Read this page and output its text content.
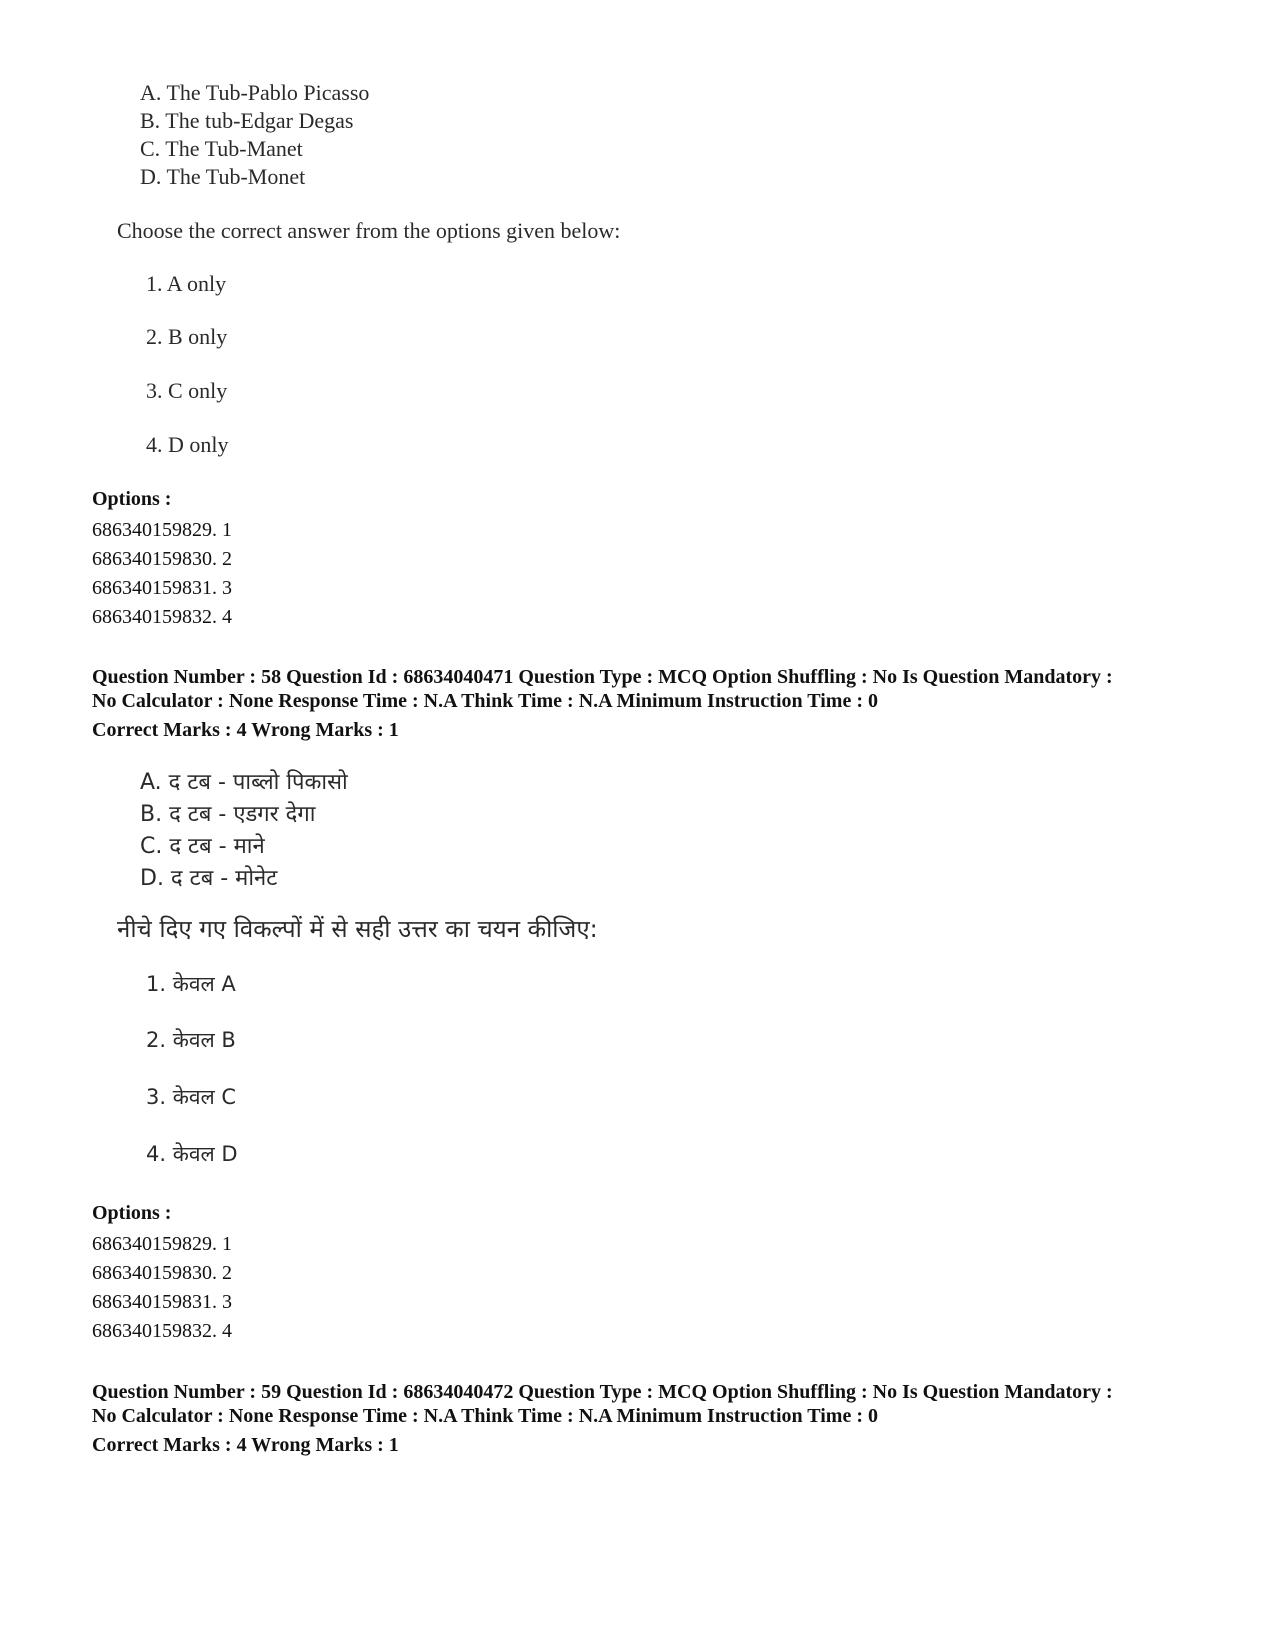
A. The Tub-Pablo Picasso
B. The tub-Edgar Degas
C. The Tub-Manet
D. The Tub-Monet
Choose the correct answer from the options given below:
1. A only
2. B only
3. C only
4. D only
Options :
686340159829. 1
686340159830. 2
686340159831. 3
686340159832. 4
Question Number : 58 Question Id : 68634040471 Question Type : MCQ Option Shuffling : No Is Question Mandatory :
No Calculator : None Response Time : N.A Think Time : N.A Minimum Instruction Time : 0
Correct Marks : 4 Wrong Marks : 1
A. द टब - पाब्लो पिकासो
B. द टब - एडगर देगा
C. द टब - माने
D. द टब - मोनेट
नीचे दिए गए विकल्पों में से सही उत्तर का चयन कीजिए:
1. केवल A
2. केवल B
3. केवल C
4. केवल D
Options :
686340159829. 1
686340159830. 2
686340159831. 3
686340159832. 4
Question Number : 59 Question Id : 68634040472 Question Type : MCQ Option Shuffling : No Is Question Mandatory :
No Calculator : None Response Time : N.A Think Time : N.A Minimum Instruction Time : 0
Correct Marks : 4 Wrong Marks : 1
